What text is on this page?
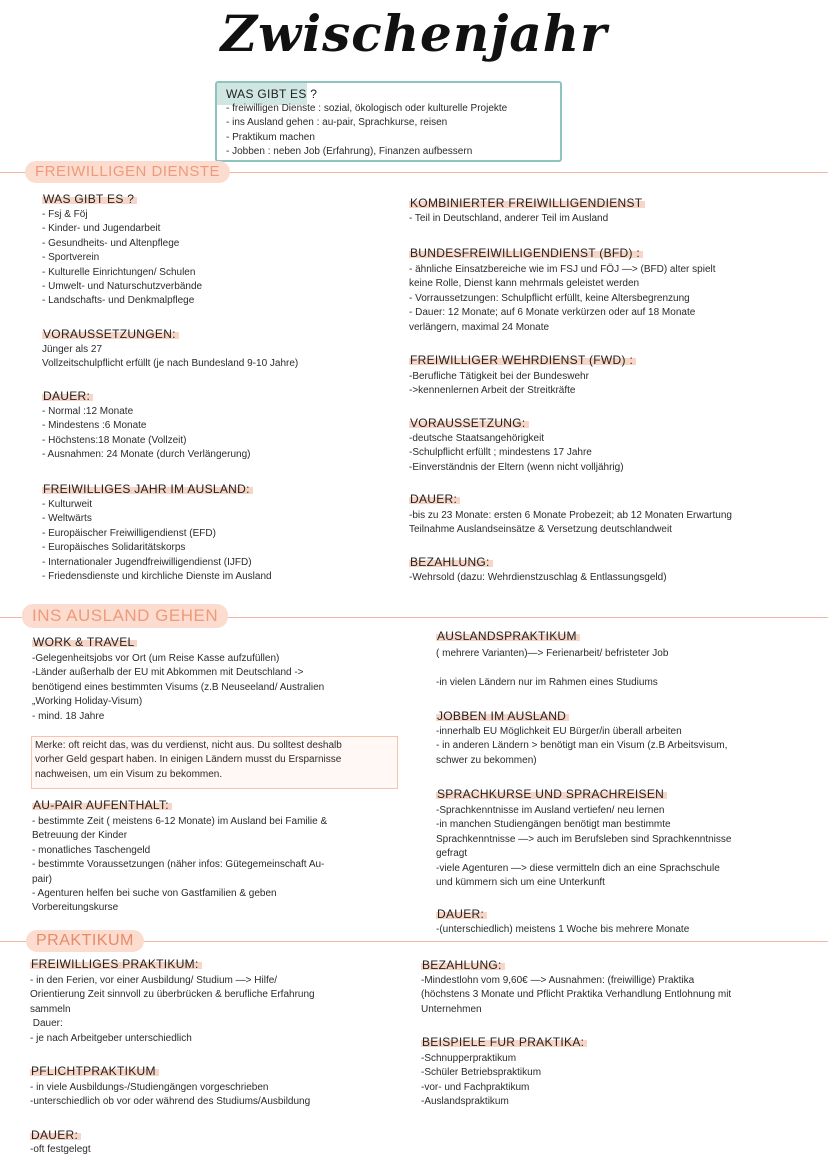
Zwischenjahr
WAS GIBT ES ?
- freiwilligen Dienste : sozial, ökologisch oder kulturelle Projekte
- ins Ausland gehen : au-pair, Sprachkurse, reisen
- Praktikum machen
- Jobben : neben Job (Erfahrung), Finanzen aufbessern
FREIWILLIGEN DIENSTE
WAS GIBT ES ?
- Fsj & Föj
- Kinder- und Jugendarbeit
- Gesundheits- und Altenpflege
- Sportverein
- Kulturelle Einrichtungen/ Schulen
- Umwelt- und Naturschutzverbände
- Landschafts- und Denkmalpflege
VORAUSSETZUNGEN:
Jünger als 27
Vollzeitschulpflicht erfüllt (je nach Bundesland 9-10 Jahre)
DAUER:
- Normal :12 Monate
- Mindestens :6 Monate
- Höchstens:18 Monate (Vollzeit)
- Ausnahmen: 24 Monate (durch Verlängerung)
FREIWILLIGES JAHR IM AUSLAND:
- Kulturweit
- Weltwärts
- Europäischer Freiwilligendienst (EFD)
- Europäisches Solidaritätskorps
- Internationaler Jugendfreiwilligendienst (IJFD)
- Friedensdienste und kirchliche Dienste im Ausland
KOMBINIERTER FREIWILLIGENDIENST
- Teil in Deutschland, anderer Teil im Ausland
BUNDESFREIWILLIGENDIENST (BFD) :
- ähnliche Einsatzbereiche wie im FSJ und FÖJ —> (BFD) alter spielt
keine Rolle, Dienst kann mehrmals geleistet werden
- Vorraussetzungen: Schulpflicht erfüllt, keine Altersbegrenzung
- Dauer: 12 Monate; auf 6 Monate verkürzen oder auf 18 Monate
verlängern, maximal 24 Monate
FREIWILLIGER WEHRDIENST (FWD) :
-Berufliche Tätigkeit bei der Bundeswehr
->kennenlernen Arbeit der Streitkräfte
VORAUSSETZUNG:
-deutsche Staatsangehörigkeit
-Schulpflicht erfüllt ; mindestens 17 Jahre
-Einverständnis der Eltern (wenn nicht volljährig)
DAUER:
-bis zu 23 Monate: ersten 6 Monate Probezeit; ab 12 Monaten Erwartung
Teilnahme Auslandseinsätze & Versetzung deutschlandweit
BEZAHLUNG:
-Wehrsold (dazu: Wehrdienstzuschlag & Entlassungsgeld)
INS AUSLAND GEHEN
WORK & TRAVEL
-Gelegenheitsjobs vor Ort (um Reise Kasse aufzufüllen)
-Länder außerhalb der EU mit Abkommen mit Deutschland ->
benötigend eines bestimmten Visums (z.B Neuseeland/ Australien
„Working Holiday-Visum)
- mind. 18 Jahre
Merke: oft reicht das, was du verdienst, nicht aus. Du solltest deshalb
vorher Geld gespart haben. In einigen Ländern musst du Ersparnisse
nachweisen, um ein Visum zu bekommen.
AU-PAIR AUFENTHALT:
- bestimmte Zeit ( meistens 6-12 Monate) im Ausland bei Familie &
Betreuung der Kinder
- monatliches Taschengeld
- bestimmte Voraussetzungen (näher infos: Gütegemeinschaft Au-
pair)
- Agenturen helfen bei suche von Gastfamilien & geben
Vorbereitungskurse
AUSLANDSPRAKTIKUM
( mehrere Varianten)—> Ferienarbeit/ befristeter Job
-in vielen Ländern nur im Rahmen eines Studiums
JOBBEN IM AUSLAND
-innerhalb EU Möglichkeit EU Bürger/in überall arbeiten
- in anderen Ländern > benötigt man ein Visum (z.B Arbeitsvisum,
schwer zu bekommen)
SPRACHKURSE UND SPRACHREISEN
-Sprachkenntnisse im Ausland vertiefen/ neu lernen
-in manchen Studiengängen benötigt man bestimmte
Sprachkenntnisse —> auch im Berufsleben sind Sprachkenntnisse
gefragt
-viele Agenturen —> diese vermitteln dich an eine Sprachschule
und kümmern sich um eine Unterkunft
DAUER:
-(unterschiedlich) meistens 1 Woche bis mehrere Monate
PRAKTIKUM
FREIWILLIGES PRAKTIKUM:
- in den Ferien, vor einer Ausbildung/ Studium —> Hilfe/
Orientierung Zeit sinnvoll zu überbrücken & berufliche Erfahrung
sammeln
Dauer:
- je nach Arbeitgeber unterschiedlich
PFLICHTPRAKTIKUM
- in viele Ausbildungs-/Studiengängen vorgeschrieben
-unterschiedlich ob vor oder während des Studiums/Ausbildung
DAUER:
-oft festgelegt
BEZAHLUNG:
-Mindestlohn vom 9,60€ —> Ausnahmen: (freiwillige) Praktika
(höchstens 3 Monate und Pflicht Praktika Verhandlung Entlohnung mit
Unternehmen
BEISPIELE FUR PRAKTIKA:
-Schnupperpraktikum
-Schüler Betriebspraktikum
-vor- und Fachpraktikum
-Auslandspraktikum
